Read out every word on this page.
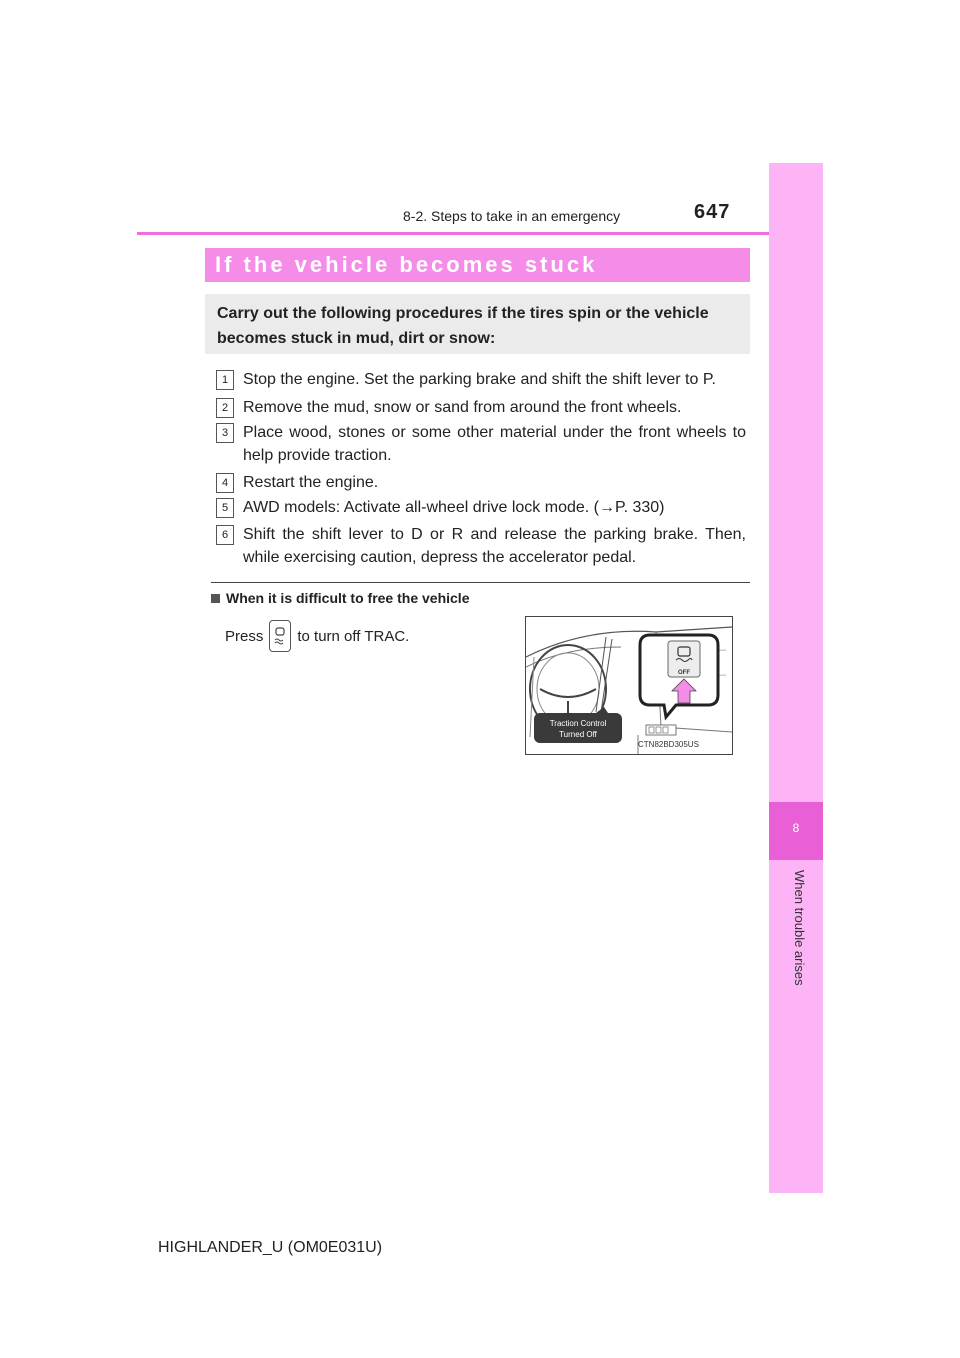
8-2. Steps to take in an emergency	647
8
When trouble arises
If the vehicle becomes stuck
Carry out the following procedures if the tires spin or the vehicle becomes stuck in mud, dirt or snow:
1 Stop the engine. Set the parking brake and shift the shift lever to P.
2 Remove the mud, snow or sand from around the front wheels.
3 Place wood, stones or some other material under the front wheels to help provide traction.
4 Restart the engine.
5 AWD models: Activate all-wheel drive lock mode. (→P. 330)
6 Shift the shift lever to D or R and release the parking brake. Then, while exercising caution, depress the accelerator pedal.
When it is difficult to free the vehicle
Press to turn off TRAC.
Traction Control
Turned Off
OFF
CTN82BD305US
HIGHLANDER_U (OM0E031U)
